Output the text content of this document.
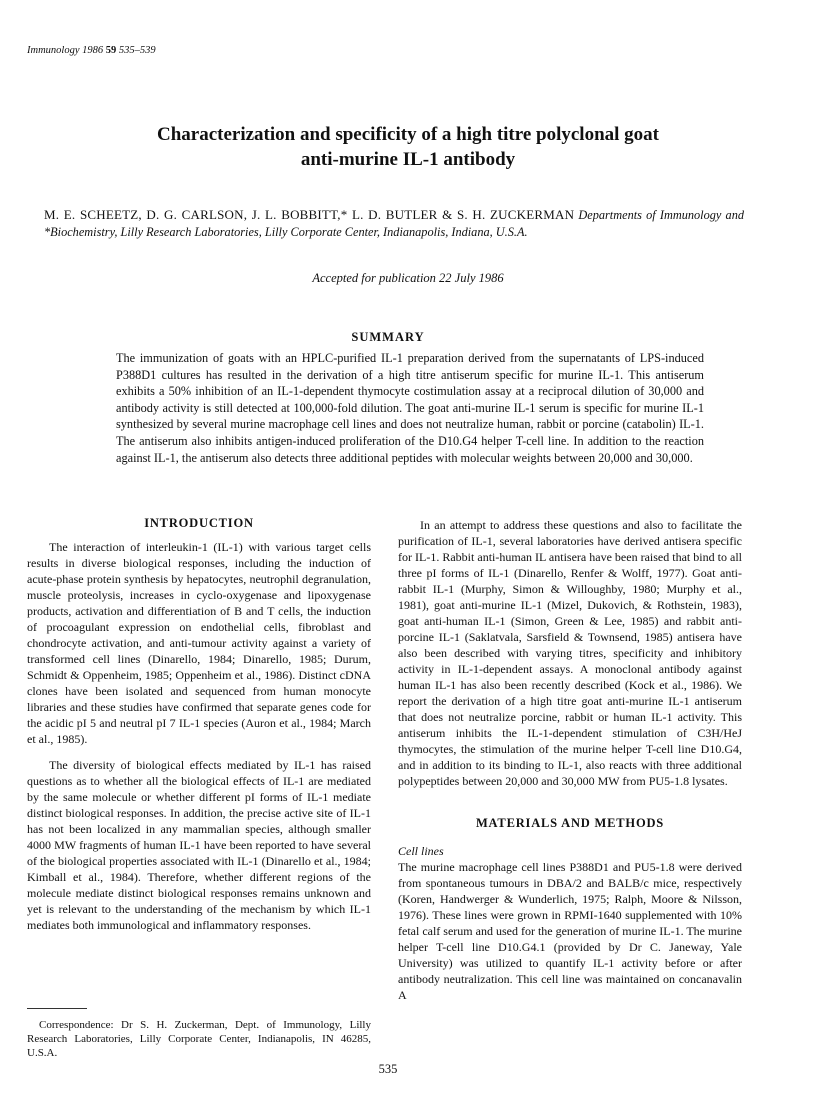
Immunology 1986 59 535–539
Characterization and specificity of a high titre polyclonal goat
anti-murine IL-1 antibody
M. E. SCHEETZ, D. G. CARLSON, J. L. BOBBITT,* L. D. BUTLER & S. H. ZUCKERMAN Departments of Immunology and *Biochemistry, Lilly Research Laboratories, Lilly Corporate Center, Indianapolis, Indiana, U.S.A.
Accepted for publication 22 July 1986
SUMMARY
The immunization of goats with an HPLC-purified IL-1 preparation derived from the supernatants of LPS-induced P388D1 cultures has resulted in the derivation of a high titre antiserum specific for murine IL-1. This antiserum exhibits a 50% inhibition of an IL-1-dependent thymocyte costimulation assay at a reciprocal dilution of 30,000 and antibody activity is still detected at 100,000-fold dilution. The goat anti-murine IL-1 serum is specific for murine IL-1 synthesized by several murine macrophage cell lines and does not neutralize human, rabbit or porcine (catabolin) IL-1. The antiserum also inhibits antigen-induced proliferation of the D10.G4 helper T-cell line. In addition to the reaction against IL-1, the antiserum also detects three additional peptides with molecular weights between 20,000 and 30,000.
INTRODUCTION

The interaction of interleukin-1 (IL-1) with various target cells results in diverse biological responses, including the induction of acute-phase protein synthesis by hepatocytes, neutrophil degranulation, muscle proteolysis, increases in cyclo-oxygenase and lipoxygenase products, activation and differentiation of B and T cells, the induction of procoagulant expression on endothelial cells, fibroblast and chondrocyte activation, and anti-tumour activity against a variety of transformed cell lines (Dinarello, 1984; Dinarello, 1985; Durum, Schmidt & Oppenheim, 1985; Oppenheim et al., 1986). Distinct cDNA clones have been isolated and sequenced from human monocyte libraries and these studies have confirmed that separate genes code for the acidic pI 5 and neutral pI 7 IL-1 species (Auron et al., 1984; March et al., 1985).

The diversity of biological effects mediated by IL-1 has raised questions as to whether all the biological effects of IL-1 are mediated by the same molecule or whether different pI forms of IL-1 mediate distinct biological responses. In addition, the precise active site of IL-1 has not been localized in any mammalian species, although smaller 4000 MW fragments of human IL-1 have been reported to have several of the biological properties associated with IL-1 (Dinarello et al., 1984; Kimball et al., 1984). Therefore, whether different regions of the molecule mediate distinct biological responses remains unknown and yet is relevant to the understanding of the mechanism by which IL-1 mediates both immunological and inflammatory responses.

In an attempt to address these questions and also to facilitate the purification of IL-1, several laboratories have derived antisera specific for IL-1. Rabbit anti-human IL antisera have been raised that bind to all three pI forms of IL-1 (Dinarello, Renfer & Wolff, 1977). Goat anti-rabbit IL-1 (Murphy, Simon & Willoughby, 1980; Murphy et al., 1981), goat anti-murine IL-1 (Mizel, Dukovich, & Rothstein, 1983), goat anti-human IL-1 (Simon, Green & Lee, 1985) and rabbit anti-porcine IL-1 (Saklatvala, Sarsfield & Townsend, 1985) antisera have also been described with varying titres, specificity and inhibitory activity in IL-1-dependent assays. A monoclonal antibody against human IL-1 has also been recently described (Kock et al., 1986). We report the derivation of a high titre goat anti-murine IL-1 antiserum that does not neutralize porcine, rabbit or human IL-1 activity. This antiserum inhibits the IL-1-dependent stimulation of C3H/HeJ thymocytes, the stimulation of the murine helper T-cell line D10.G4, and in addition to its binding to IL-1, also reacts with three additional polypeptides between 20,000 and 30,000 MW from PU5-1.8 lysates.

MATERIALS AND METHODS
Cell lines

The murine macrophage cell lines P388D1 and PU5-1.8 were derived from spontaneous tumours in DBA/2 and BALB/c mice, respectively (Koren, Handwerger & Wunderlich, 1975; Ralph, Moore & Nilsson, 1976). These lines were grown in RPMI-1640 supplemented with 10% fetal calf serum and used for the generation of murine IL-1. The murine helper T-cell line D10.G4.1 (provided by Dr C. Janeway, Yale University) was utilized to quantify IL-1 activity before or after antibody neutralization. This cell line was maintained on concanavalin A

Correspondence: Dr S. H. Zuckerman, Dept. of Immunology, Lilly Research Laboratories, Lilly Corporate Center, Indianapolis, IN 46285, U.S.A.
535
